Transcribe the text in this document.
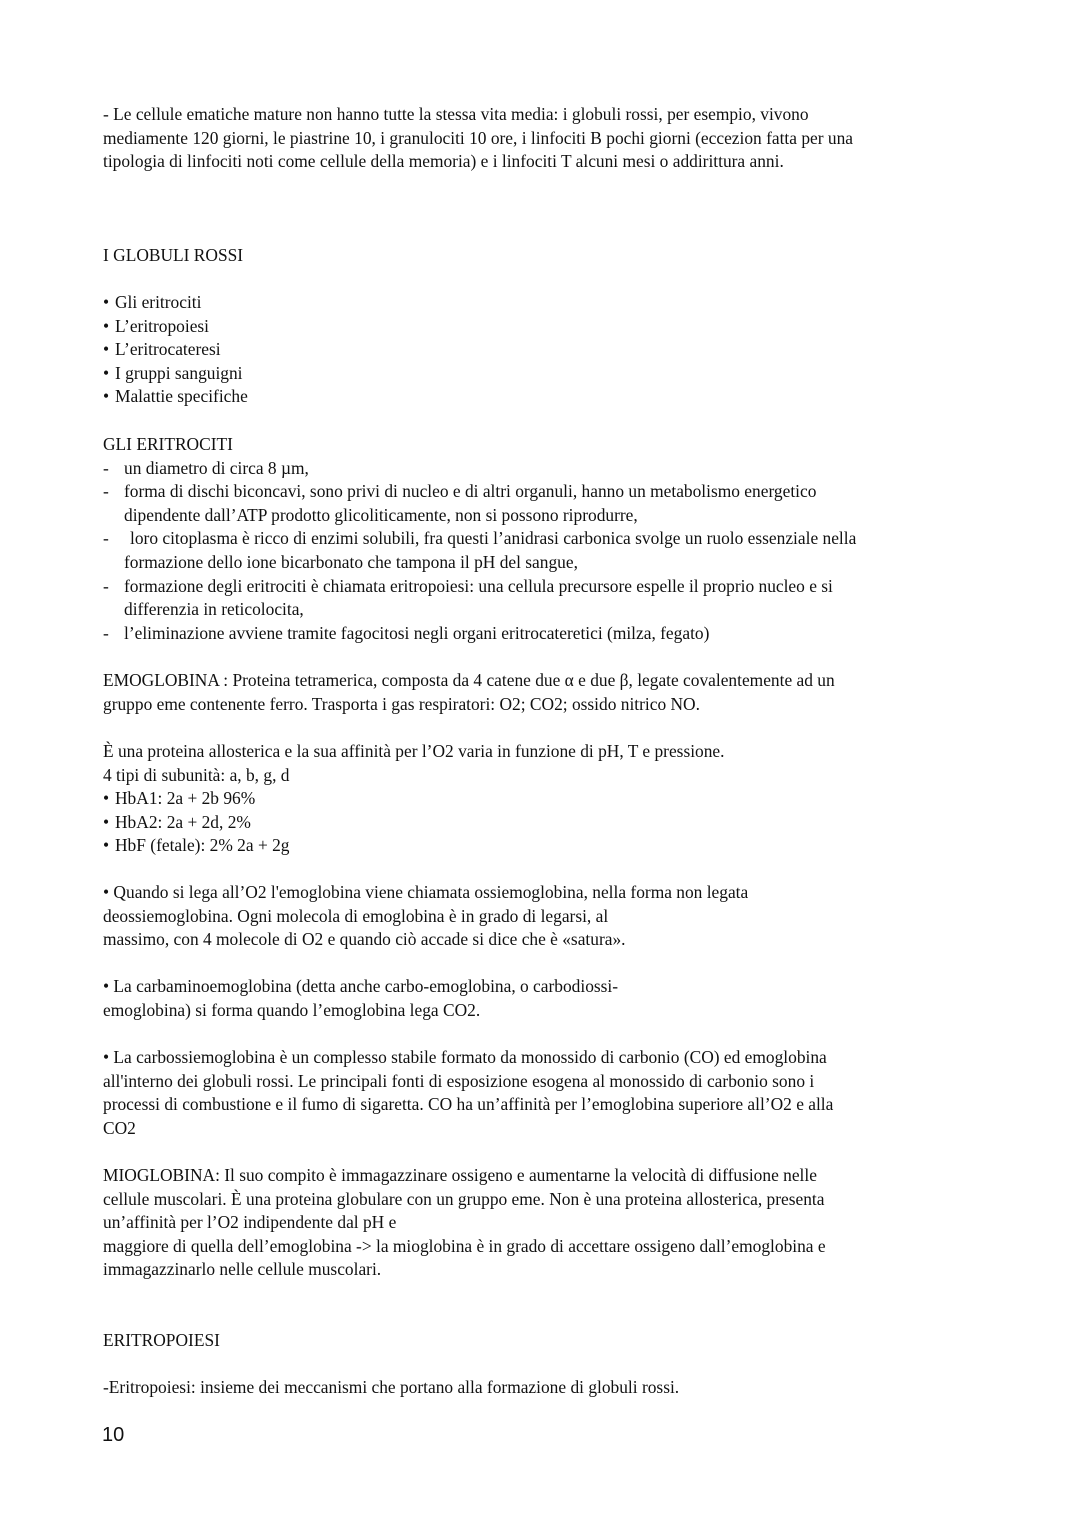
- Le cellule ematiche mature non hanno tutte la stessa vita media: i globuli rossi, per esempio, vivono
mediamente 120 giorni, le piastrine 10, i granulociti 10 ore, i linfociti B pochi giorni (eccezion fatta per una
tipologia di linfociti noti come cellule della memoria) e i linfociti T alcuni mesi o addirittura anni.
I GLOBULI ROSSI
• Gli eritrociti
• L’eritropoiesi
• L’eritrocateresi
• I gruppi sanguigni
• Malattie specifiche
GLI ERITROCITI
- un diametro di circa 8 µm,
- forma di dischi biconcavi, sono privi di nucleo e di altri organuli, hanno un metabolismo energetico
dipendente dall’ATP prodotto glicoliticamente, non si possono riprodurre,
- loro citoplasma è ricco di enzimi solubili, fra questi l’anidrasi carbonica svolge un ruolo essenziale nella
formazione dello ione bicarbonato che tampona il pH del sangue,
- formazione degli eritrociti è chiamata eritropoiesi: una cellula precursore espelle il proprio nucleo e si
differenzia in reticolocita,
- l’eliminazione avviene tramite fagocitosi negli organi eritrocateretici (milza, fegato)
EMOGLOBINA : Proteina tetramerica, composta da 4 catene due α e due β, legate covalentemente ad un
gruppo eme contenente ferro. Trasporta i gas respiratori: O2; CO2; ossido nitrico NO.
È una proteina allosterica e la sua affinità per l’O2 varia in funzione di pH, T e pressione.
4 tipi di subunità: a, b, g, d
• HbA1: 2a + 2b 96%
• HbA2: 2a + 2d, 2%
• HbF (fetale): 2% 2a + 2g
• Quando si lega all’O2 l'emoglobina viene chiamata ossiemoglobina, nella forma non legata
deossiemoglobina. Ogni molecola di emoglobina è in grado di legarsi, al
massimo, con 4 molecole di O2 e quando ciò accade si dice che è «satura».
• La carbaminoemoglobina (detta anche carbo-emoglobina, o carbodiossi-
emoglobina) si forma quando l’emoglobina lega CO2.
• La carbossiemoglobina è un complesso stabile formato da monossido di carbonio (CO) ed emoglobina
all'interno dei globuli rossi. Le principali fonti di esposizione esogena al monossido di carbonio sono i
processi di combustione e il fumo di sigaretta. CO ha un’affinità per l’emoglobina superiore all’O2 e alla
CO2
MIOGLOBINA: Il suo compito è immagazzinare ossigeno e aumentarne la velocità di diffusione nelle
cellule muscolari. È una proteina globulare con un gruppo eme. Non è una proteina allosterica, presenta
un’affinità per l’O2 indipendente dal pH e
maggiore di quella dell’emoglobina -> la mioglobina è in grado di accettare ossigeno dall’emoglobina e
immagazzinarlo nelle cellule muscolari.
ERITROPOIESI
-Eritropoiesi: insieme dei meccanismi che portano alla formazione di globuli rossi.
10
